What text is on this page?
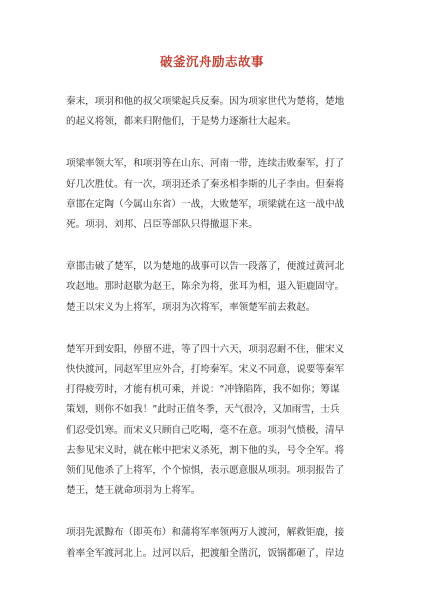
破釜沉舟励志故事

秦末，项羽和他的叔父项梁起兵反秦。因为项家世代为楚将，楚地
的起义将领，都来归附他们，于是势力逐渐壮大起来。

项梁率领大军，和项羽等在山东、河南一带，连续击败秦军，打了
好几次胜仗。有一次，项羽还杀了秦丞相李斯的儿子李由。但秦将
章邯在定陶（今属山东省）一战，大败楚军，项梁就在这一战中战
死。项羽、刘邦、吕臣等部队只得撤退下来。

章邯击破了楚军，以为楚地的战事可以告一段落了，便渡过黄河北
攻赵地。那时赵歇为赵王，陈余为将，张耳为相，退入钜鹿固守。
楚王以宋义为上将军，项羽为次将军，率领楚军前去救赵。

楚军开到安阳，停留不进，等了四十六天，项羽忍耐不住，催宋义
快快渡河，同赵军里应外合，打垮秦军。宋义不同意，说要等秦军
打得疲劳时，才能有机可乘，并说：“冲锋陷阵，我不如你；筹谋
策划，则你不如我！”此时正值冬季，天气很冷，又加雨雪，士兵
们忍受饥寒。而宋义只顾自己吃喝，毫不在意。项羽气愤极，清早
去参见宋义时，就在帐中把宋义杀死，割下他的头，号令全军。将
领们见他杀了上将军，个个惊惧，表示愿意服从项羽。项羽报告了
楚王，楚王就命项羽为上将军。

项羽先派黥布（即英布）和蒲将军率领两万人渡河，解救钜鹿，接
着率全军渡河北上。过河以后，把渡船全凿沉，饭锅都砸了，岸边
